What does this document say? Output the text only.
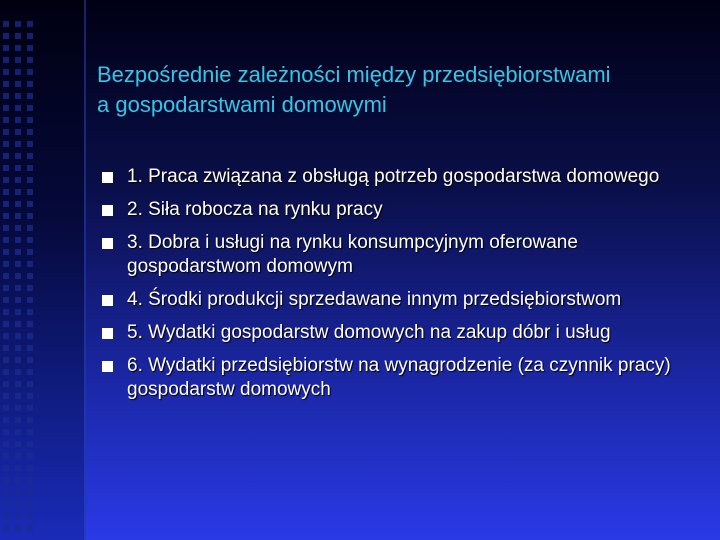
Bezpośrednie zależności między przedsiębiorstwami
a gospodarstwami domowymi
1. Praca związana z obsługą potrzeb gospodarstwa domowego
2. Siła robocza na rynku pracy
3. Dobra i usługi na rynku konsumpcyjnym oferowane gospodarstwom domowym
4. Środki produkcji sprzedawane innym przedsiębiorstwom
5. Wydatki gospodarstw domowych na zakup dóbr i usług
6. Wydatki przedsiębiorstw na wynagrodzenie (za czynnik pracy) gospodarstw domowych
